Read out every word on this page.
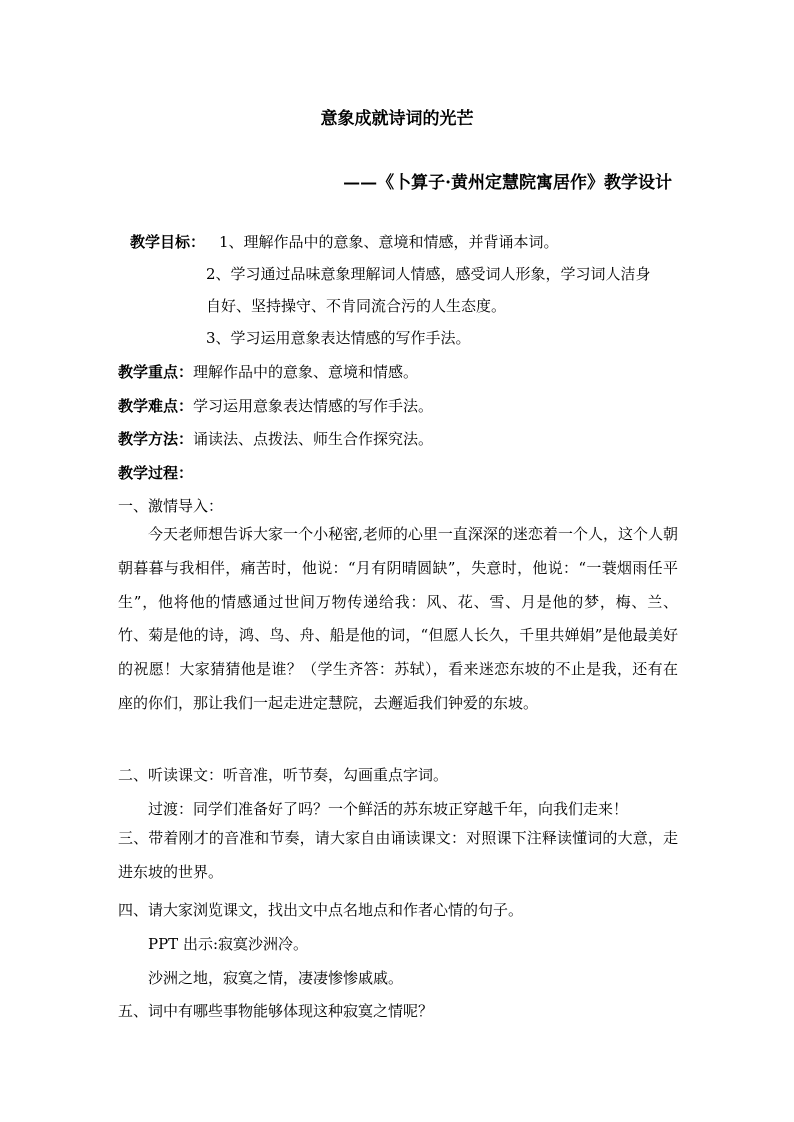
意象成就诗词的光芒
——《卜算子·黄州定慧院寓居作》教学设计
教学目标： 1、理解作品中的意象、意境和情感，并背诵本词。
2、学习通过品味意象理解词人情感，感受词人形象，学习词人洁身
自好、坚持操守、不肯同流合污的人生态度。
3、学习运用意象表达情感的写作手法。
教学重点：理解作品中的意象、意境和情感。
教学难点：学习运用意象表达情感的写作手法。
教学方法：诵读法、点拨法、师生合作探究法。
教学过程：
一、激情导入：
今天老师想告诉大家一个小秘密,老师的心里一直深深的迷恋着一个人，这个人朝朝暮暮与我相伴，痛苦时，他说：“月有阴晴圆缺”，失意时，他说：“一蓑烟雨任平生”，他将他的情感通过世间万物传递给我：风、花、雪、月是他的梦，梅、兰、竹、菊是他的诗，鸿、鸟、舟、船是他的词，“但愿人长久，千里共婵娟”是他最美好的祝愿！大家猜猜他是谁？（学生齐答：苏轼），看来迷恋东坡的不止是我，还有在座的你们，那让我们一起走进定慧院，去邂逅我们钟爱的东坡。
二、听读课文：听音准，听节奏，勾画重点字词。
过渡：同学们准备好了吗？一个鲜活的苏东坡正穿越千年，向我们走来！
三、带着刚才的音准和节奏，请大家自由诵读课文：对照课下注释读懂词的大意，走进东坡的世界。
四、请大家浏览课文，找出文中点名地点和作者心情的句子。
PPT 出示:寂寞沙洲冷。
沙洲之地，寂寞之情，凄凄惨惨戚戚。
五、词中有哪些事物能够体现这种寂寞之情呢？
